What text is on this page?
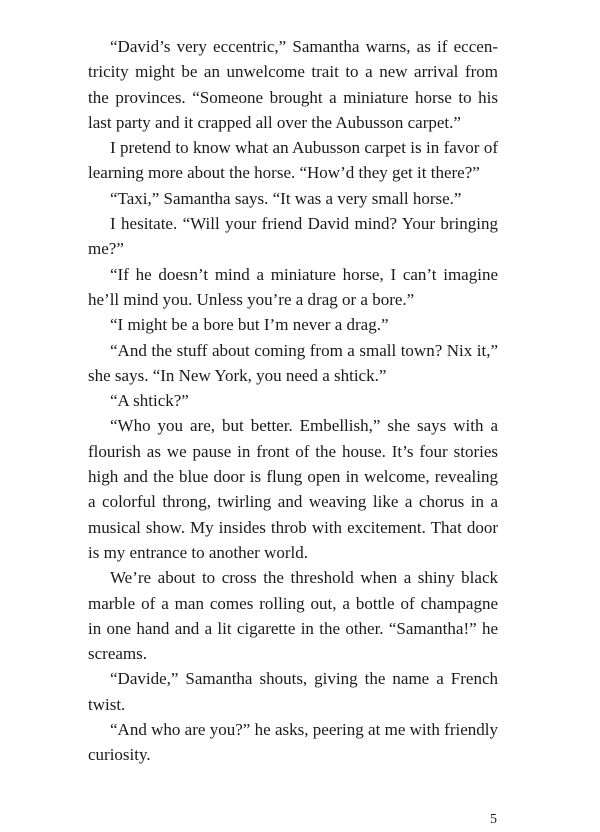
“David’s very eccentric,” Samantha warns, as if eccentricity might be an unwelcome trait to a new arrival from the provinces. “Someone brought a miniature horse to his last party and it crapped all over the Aubusson carpet.”

I pretend to know what an Aubusson carpet is in favor of learning more about the horse. “How’d they get it there?”

“Taxi,” Samantha says. “It was a very small horse.”

I hesitate. “Will your friend David mind? Your bringing me?”

“If he doesn’t mind a miniature horse, I can’t imagine he’ll mind you. Unless you’re a drag or a bore.”

“I might be a bore but I’m never a drag.”

“And the stuff about coming from a small town? Nix it,” she says. “In New York, you need a shtick.”

“A shtick?”

“Who you are, but better. Embellish,” she says with a flourish as we pause in front of the house. It’s four stories high and the blue door is flung open in welcome, revealing a colorful throng, twirling and weaving like a chorus in a musical show. My insides throb with excitement. That door is my entrance to another world.

We’re about to cross the threshold when a shiny black marble of a man comes rolling out, a bottle of champagne in one hand and a lit cigarette in the other. “Samantha!” he screams.

“Davide,” Samantha shouts, giving the name a French twist.

“And who are you?” he asks, peering at me with friendly curiosity.

5
